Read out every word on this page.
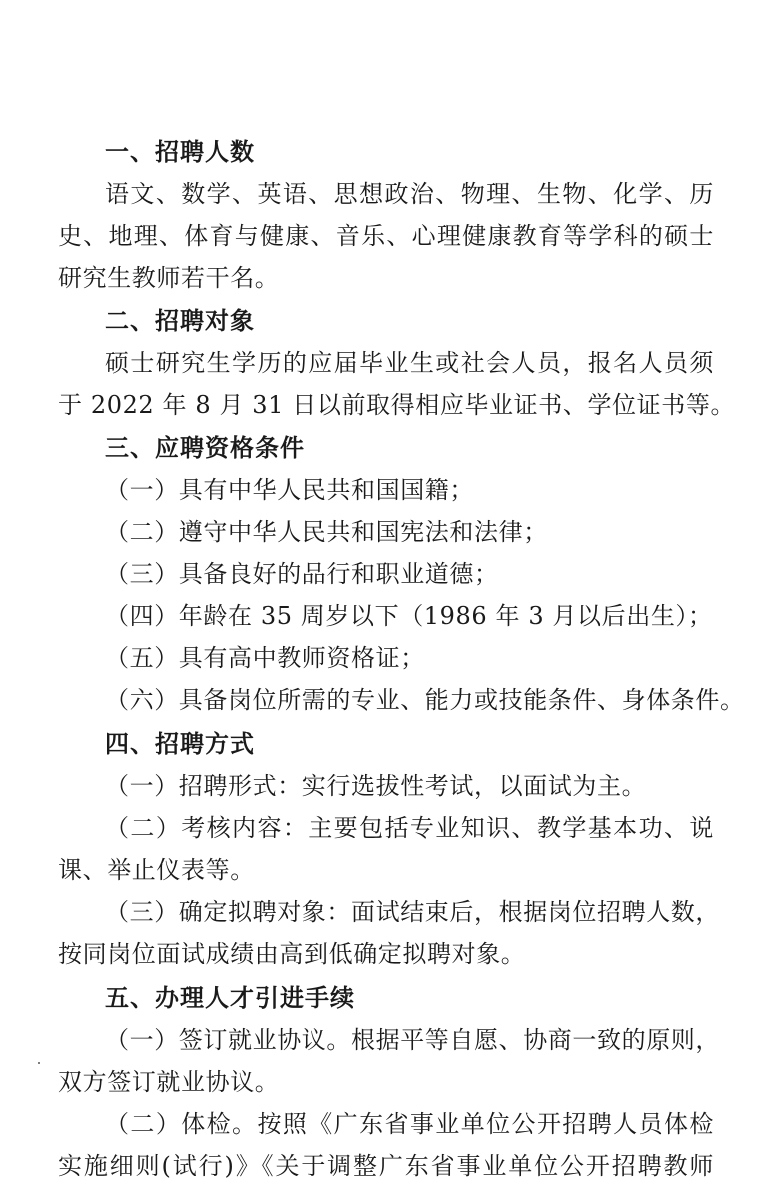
一、招聘人数
语文、数学、英语、思想政治、物理、生物、化学、历
史、地理、体育与健康、音乐、心理健康教育等学科的硕士
研究生教师若干名。
二、招聘对象
硕士研究生学历的应届毕业生或社会人员，报名人员须
于 2022 年 8 月 31 日以前取得相应毕业证书、学位证书等。
三、应聘资格条件
（一）具有中华人民共和国国籍；
（二）遵守中华人民共和国宪法和法律；
（三）具备良好的品行和职业道德；
（四）年龄在 35 周岁以下（1986 年 3 月以后出生）；
（五）具有高中教师资格证；
（六）具备岗位所需的专业、能力或技能条件、身体条件。
四、招聘方式
（一）招聘形式：实行选拔性考试，以面试为主。
（二）考核内容：主要包括专业知识、教学基本功、说
课、举止仪表等。
（三）确定拟聘对象：面试结束后，根据岗位招聘人数，
按同岗位面试成绩由高到低确定拟聘对象。
五、办理人才引进手续
（一）签订就业协议。根据平等自愿、协商一致的原则，
双方签订就业协议。
（二）体检。按照《广东省事业单位公开招聘人员体检
实施细则(试行)》《关于调整广东省事业单位公开招聘教师
